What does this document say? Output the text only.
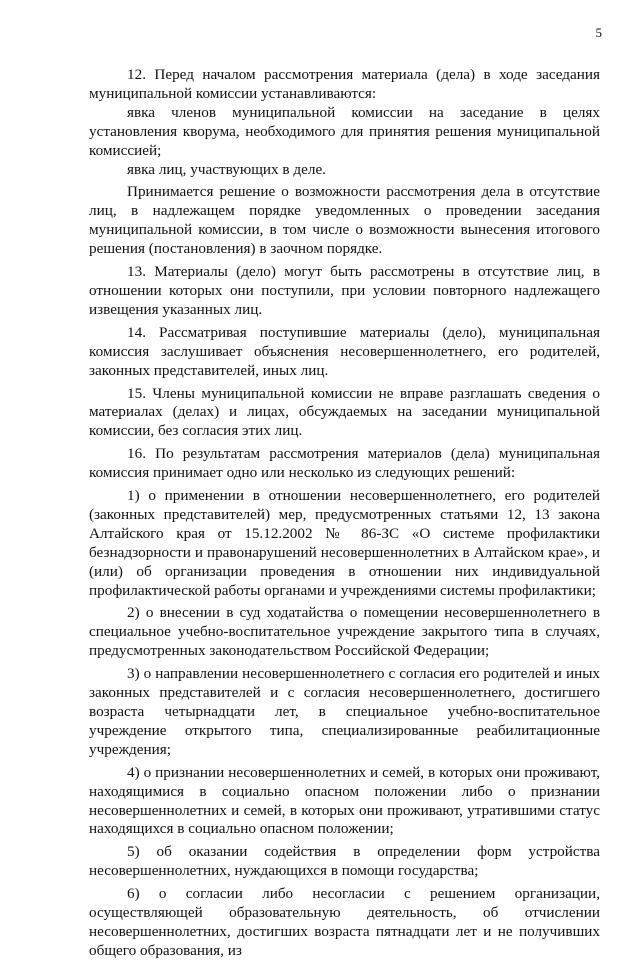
5

12. Перед началом рассмотрения материала (дела) в ходе заседания муниципальной комиссии устанавливаются:

явка членов муниципальной комиссии на заседание в целях установления кворума, необходимого для принятия решения муниципальной комиссией;

явка лиц, участвующих в деле.

Принимается решение о возможности рассмотрения дела в отсутствие лиц, в надлежащем порядке уведомленных о проведении заседания муниципальной комиссии, в том числе о возможности вынесения итогового решения (постановления) в заочном порядке.

13. Материалы (дело) могут быть рассмотрены в отсутствие лиц, в отношении которых они поступили, при условии повторного надлежащего извещения указанных лиц.

14. Рассматривая поступившие материалы (дело), муниципальная комиссия заслушивает объяснения несовершеннолетнего, его родителей, законных представителей, иных лиц.

15. Члены муниципальной комиссии не вправе разглашать сведения о материалах (делах) и лицах, обсуждаемых на заседании муниципальной комиссии, без согласия этих лиц.

16. По результатам рассмотрения материалов (дела) муниципальная комиссия принимает одно или несколько из следующих решений:

1) о применении в отношении несовершеннолетнего, его родителей (законных представителей) мер, предусмотренных статьями 12, 13 закона Алтайского края от 15.12.2002 № 86-ЗС «О системе профилактики безнадзорности и правонарушений несовершеннолетних в Алтайском крае», и (или) об организации проведения в отношении них индивидуальной профилактической работы органами и учреждениями системы профилактики;

2) о внесении в суд ходатайства о помещении несовершеннолетнего в специальное учебно-воспитательное учреждение закрытого типа в случаях, предусмотренных законодательством Российской Федерации;

3) о направлении несовершеннолетнего с согласия его родителей и иных законных представителей и с согласия несовершеннолетнего, достигшего возраста четырнадцати лет, в специальное учебно-воспитательное учреждение открытого типа, специализированные реабилитационные учреждения;

4) о признании несовершеннолетних и семей, в которых они проживают, находящимися в социально опасном положении либо о признании несовершеннолетних и семей, в которых они проживают, утратившими статус находящихся в социально опасном положении;

5) об оказании содействия в определении форм устройства несовершеннолетних, нуждающихся в помощи государства;

6) о согласии либо несогласии с решением организации, осуществляющей образовательную деятельность, об отчислении несовершеннолетних, достигших возраста пятнадцати лет и не получивших общего образования, из
